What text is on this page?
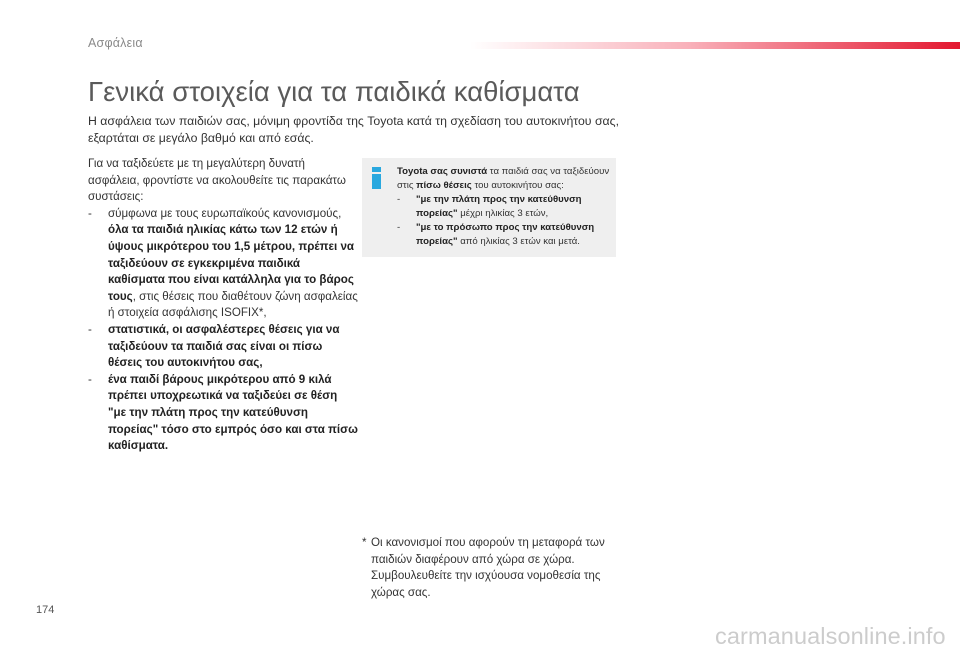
Ασφάλεια
Γενικά στοιχεία για τα παιδικά καθίσματα

Η ασφάλεια των παιδιών σας, μόνιμη φροντίδα της Toyota κατά τη σχεδίαση του αυτοκινήτου σας, εξαρτάται σε μεγάλο βαθμό και από εσάς.

Για να ταξιδεύετε με τη μεγαλύτερη δυνατή ασφάλεια, φροντίστε να ακολουθείτε τις παρακάτω συστάσεις:

-	σύμφωνα με τους ευρωπαϊκούς κανονισμούς, όλα τα παιδιά ηλικίας κάτω των 12 ετών ή ύψους μικρότερου του 1,5 μέτρου, πρέπει να ταξιδεύουν σε εγκεκριμένα παιδικά καθίσματα που είναι κατάλληλα για το βάρος τους, στις θέσεις που διαθέτουν ζώνη ασφαλείας ή στοιχεία ασφάλισης ISOFIX*,
-	στατιστικά, οι ασφαλέστερες θέσεις για να ταξιδεύουν τα παιδιά σας είναι οι πίσω θέσεις του αυτοκινήτου σας,
-	ένα παιδί βάρους μικρότερου από 9 κιλά πρέπει υποχρεωτικά να ταξιδεύει σε θέση "με την πλάτη προς την κατεύθυνση πορείας" τόσο στο εμπρός όσο και στα πίσω καθίσματα.

Toyota σας συνιστά τα παιδιά σας να ταξιδεύουν στις πίσω θέσεις του αυτοκινήτου σας:

-	"με την πλάτη προς την κατεύθυνση πορείας" μέχρι ηλικίας 3 ετών,
-	"με το πρόσωπο προς την κατεύθυνση πορείας" από ηλικίας 3 ετών και μετά.
* Οι κανονισμοί που αφορούν τη μεταφορά των παιδιών διαφέρουν από χώρα σε χώρα. Συμβουλευθείτε την ισχύουσα νομοθεσία της χώρας σας.
174
carmanualsonline.info
